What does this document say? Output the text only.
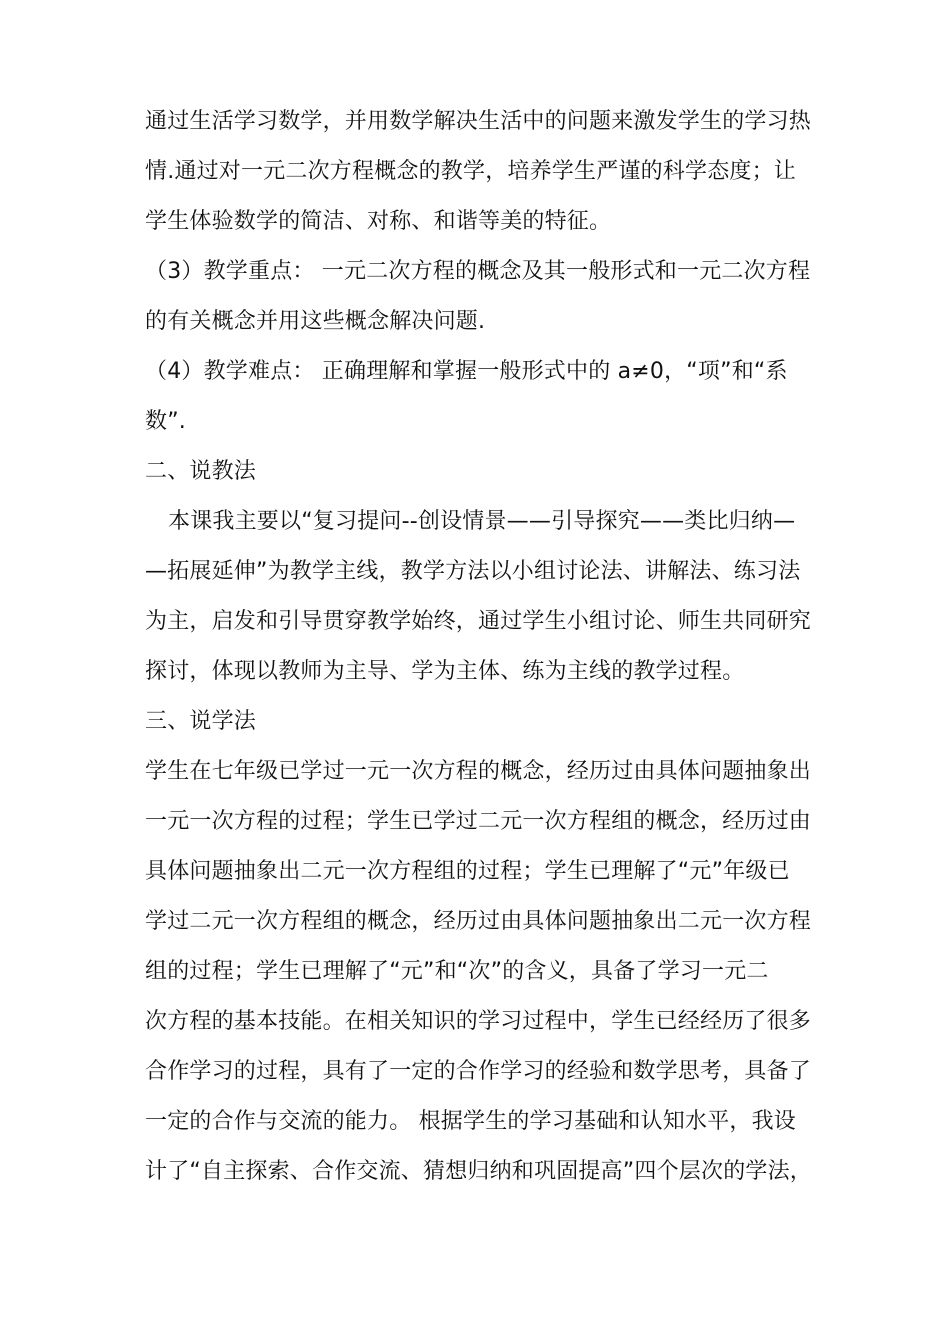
通过生活学习数学，并用数学解决生活中的问题来激发学生的学习热
情.通过对一元二次方程概念的教学，培养学生严谨的科学态度；让
学生体验数学的简洁、对称、和谐等美的特征。
（3）教学重点： 一元二次方程的概念及其一般形式和一元二次方程
的有关概念并用这些概念解决问题.
（4）教学难点： 正确理解和掌握一般形式中的 a≠0，“项”和“系
数”.
二、说教法
本课我主要以“复习提问--创设情景——引导探究——类比归纳—
—拓展延伸”为教学主线，教学方法以小组讨论法、讲解法、练习法
为主，启发和引导贯穿教学始终，通过学生小组讨论、师生共同研究
探讨，体现以教师为主导、学为主体、练为主线的教学过程。
三、说学法
学生在七年级已学过一元一次方程的概念，经历过由具体问题抽象出
一元一次方程的过程；学生已学过二元一次方程组的概念，经历过由
具体问题抽象出二元一次方程组的过程；学生已理解了“元”年级已
学过二元一次方程组的概念，经历过由具体问题抽象出二元一次方程
组的过程；学生已理解了“元”和“次”的含义，具备了学习一元二
次方程的基本技能。在相关知识的学习过程中，学生已经经历了很多
合作学习的过程，具有了一定的合作学习的经验和数学思考，具备了
一定的合作与交流的能力。 根据学生的学习基础和认知水平，我设
计了“自主探索、合作交流、猜想归纳和巩固提高”四个层次的学法，
